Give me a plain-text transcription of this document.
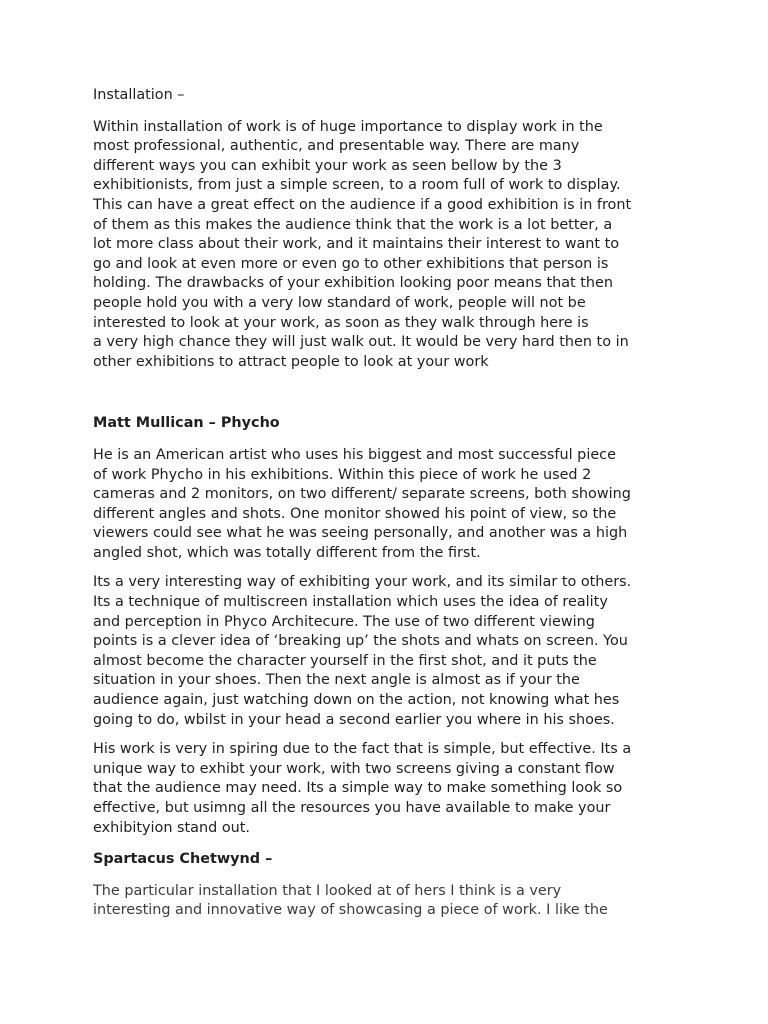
Installation –

Within installation of work is of huge importance to display work in the
most professional, authentic, and presentable way. There are many
different ways you can exhibit your work as seen bellow by the 3
exhibitionists, from just a simple screen, to a room full of work to display.
This can have a great effect on the audience if a good exhibition is in front
of them as this makes the audience think that the work is a lot better, a
lot more class about their work, and it maintains their interest to want to
go and look at even more or even go to other exhibitions that person is
holding. The drawbacks of your exhibition looking poor means that then
people hold you with a very low standard of work, people will not be
interested to look at your work, as soon as they walk through here is
a very high chance they will just walk out. It would be very hard then to in
other exhibitions to attract people to look at your work

Matt Mullican – Phycho

He is an American artist who uses his biggest and most successful piece
of work Phycho in his exhibitions. Within this piece of work he used 2
cameras and 2 monitors, on two different/ separate screens, both showing
different angles and shots. One monitor showed his point of view, so the
viewers could see what he was seeing personally, and another was a high
angled shot, which was totally different from the first.

Its a very interesting way of exhibiting your work, and its similar to others.
Its a technique of multiscreen installation which uses the idea of reality
and perception in Phyco Architecure. The use of two different viewing
points is a clever idea of ‘breaking up’ the shots and whats on screen. You
almost become the character yourself in the first shot, and it puts the
situation in your shoes. Then the next angle is almost as if your the
audience again, just watching down on the action, not knowing what hes
going to do, wbilst in your head a second earlier you where in his shoes.

His work is very in spiring due to the fact that is simple, but effective. Its a
unique way to exhibt your work, with two screens giving a constant flow
that the audience may need. Its a simple way to make something look so
effective, but usimng all the resources you have available to make your
exhibityion stand out.

Spartacus Chetwynd –

The particular installation that I looked at of hers I think is a very
interesting and innovative way of showcasing a piece of work. I like the
